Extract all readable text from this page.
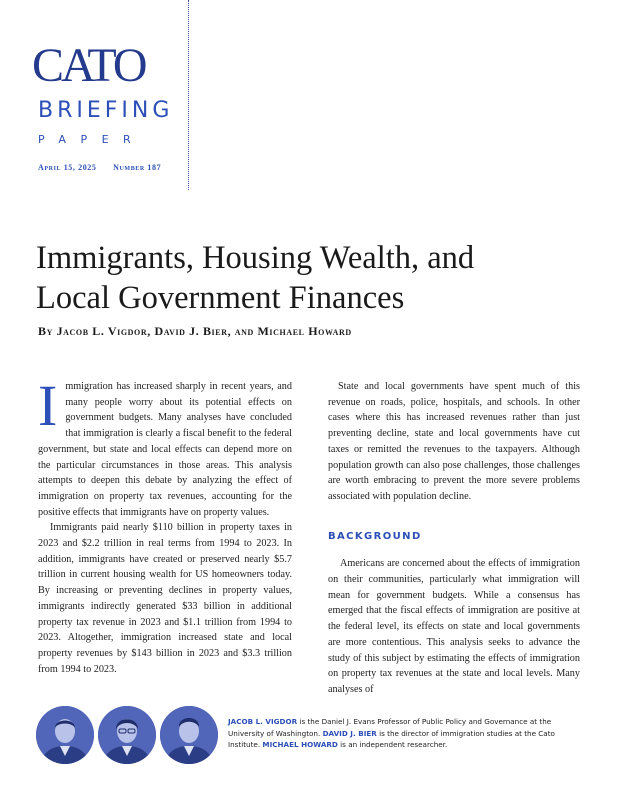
CATO
BRIEFING
PAPER
April 15, 2025 Number 187
Immigrants, Housing Wealth, and
Local Government Finances
By Jacob L. Vigdor, David J. Bier, and Michael Howard

Immigration has increased sharply in recent years, and many people worry about its potential effects on government budgets. Many analyses have concluded that immigration is clearly a fiscal benefit to the federal government, but state and local effects can depend more on the particular circumstances in those areas. This analysis attempts to deepen this debate by analyzing the effect of immigration on property tax revenues, accounting for the positive effects that immigrants have on property values.

Immigrants paid nearly $110 billion in property taxes in 2023 and $2.2 trillion in real terms from 1994 to 2023. In addition, immigrants have created or preserved nearly $5.7 trillion in current housing wealth for US homeowners today. By increasing or preventing declines in property values, immigrants indirectly generated $33 billion in additional property tax revenue in 2023 and $1.1 trillion from 1994 to 2023. Altogether, immigration increased state and local property revenues by $143 billion in 2023 and $3.3 trillion from 1994 to 2023.

State and local governments have spent much of this revenue on roads, police, hospitals, and schools. In other cases where this has increased revenues rather than just preventing decline, state and local governments have cut taxes or remitted the revenues to the taxpayers. Although population growth can also pose challenges, those challenges are worth embracing to prevent the more severe problems associated with population decline.

BACKGROUND

Americans are concerned about the effects of immigration on their communities, particularly what immigration will mean for government budgets. While a consensus has emerged that the fiscal effects of immigration are positive at the federal level, its effects on state and local governments are more contentious. This analysis seeks to advance the study of this subject by estimating the effects of immigration on property tax revenues at the state and local levels. Many analyses of

JACOB L. VIGDOR is the Daniel J. Evans Professor of Public Policy and Governance at the University of Washington. DAVID J. BIER is the director of immigration studies at the Cato Institute. MICHAEL HOWARD is an independent researcher.
